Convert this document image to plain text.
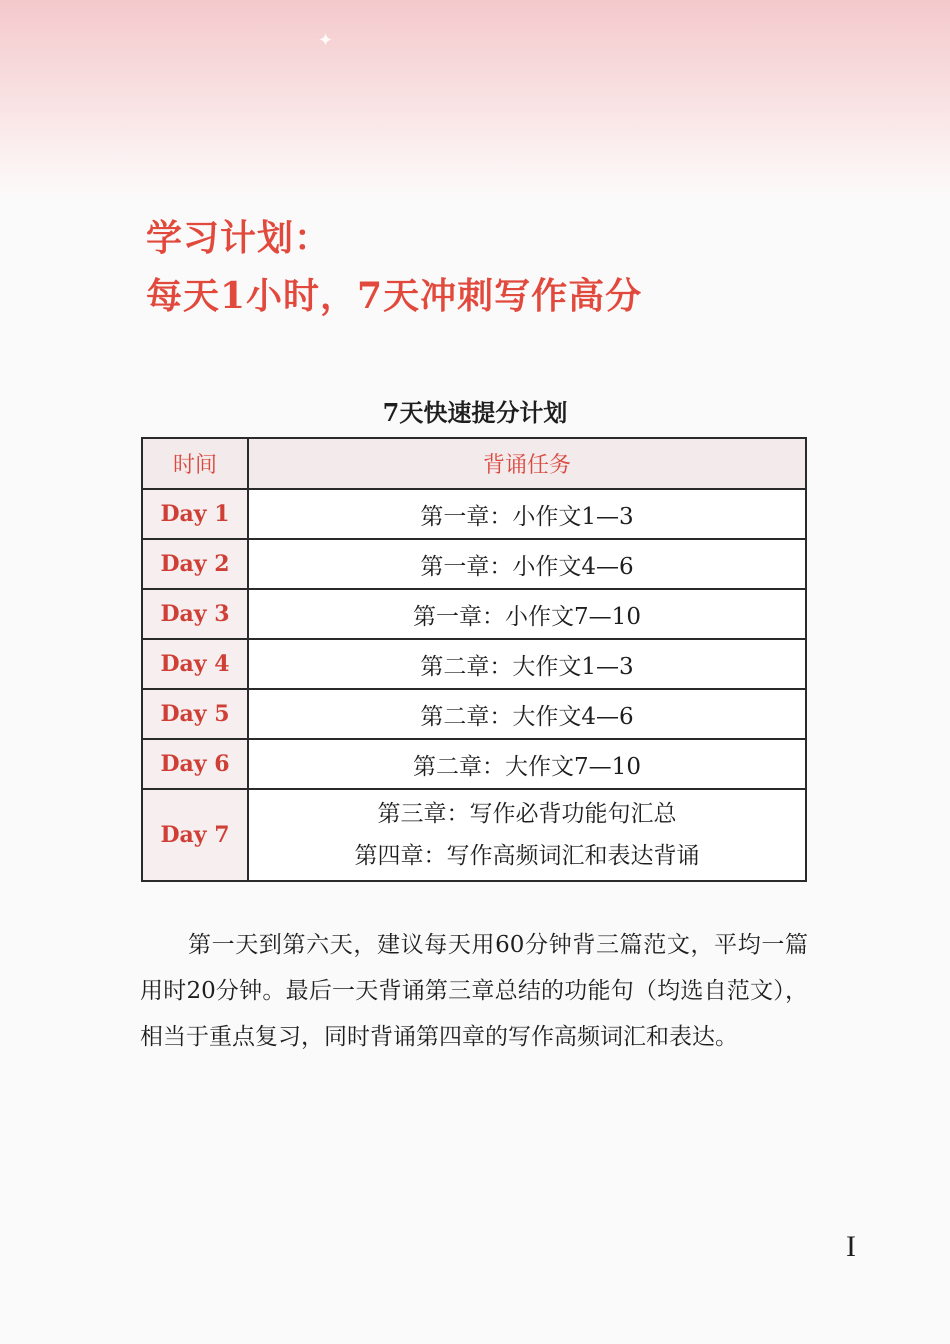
✦
学习计划：
每天1小时，7天冲刺写作高分
7天快速提分计划
时间	背诵任务
Day 1	第一章：小作文1—3
Day 2	第一章：小作文4—6
Day 3	第一章：小作文7—10
Day 4	第二章：大作文1—3
Day 5	第二章：大作文4—6
Day 6	第二章：大作文7—10
Day 7	第三章：写作必背功能句汇总
第四章：写作高频词汇和表达背诵
第一天到第六天，建议每天用60分钟背三篇范文，平均一篇用时20分钟。最后一天背诵第三章总结的功能句（均选自范文），相当于重点复习，同时背诵第四章的写作高频词汇和表达。
I
